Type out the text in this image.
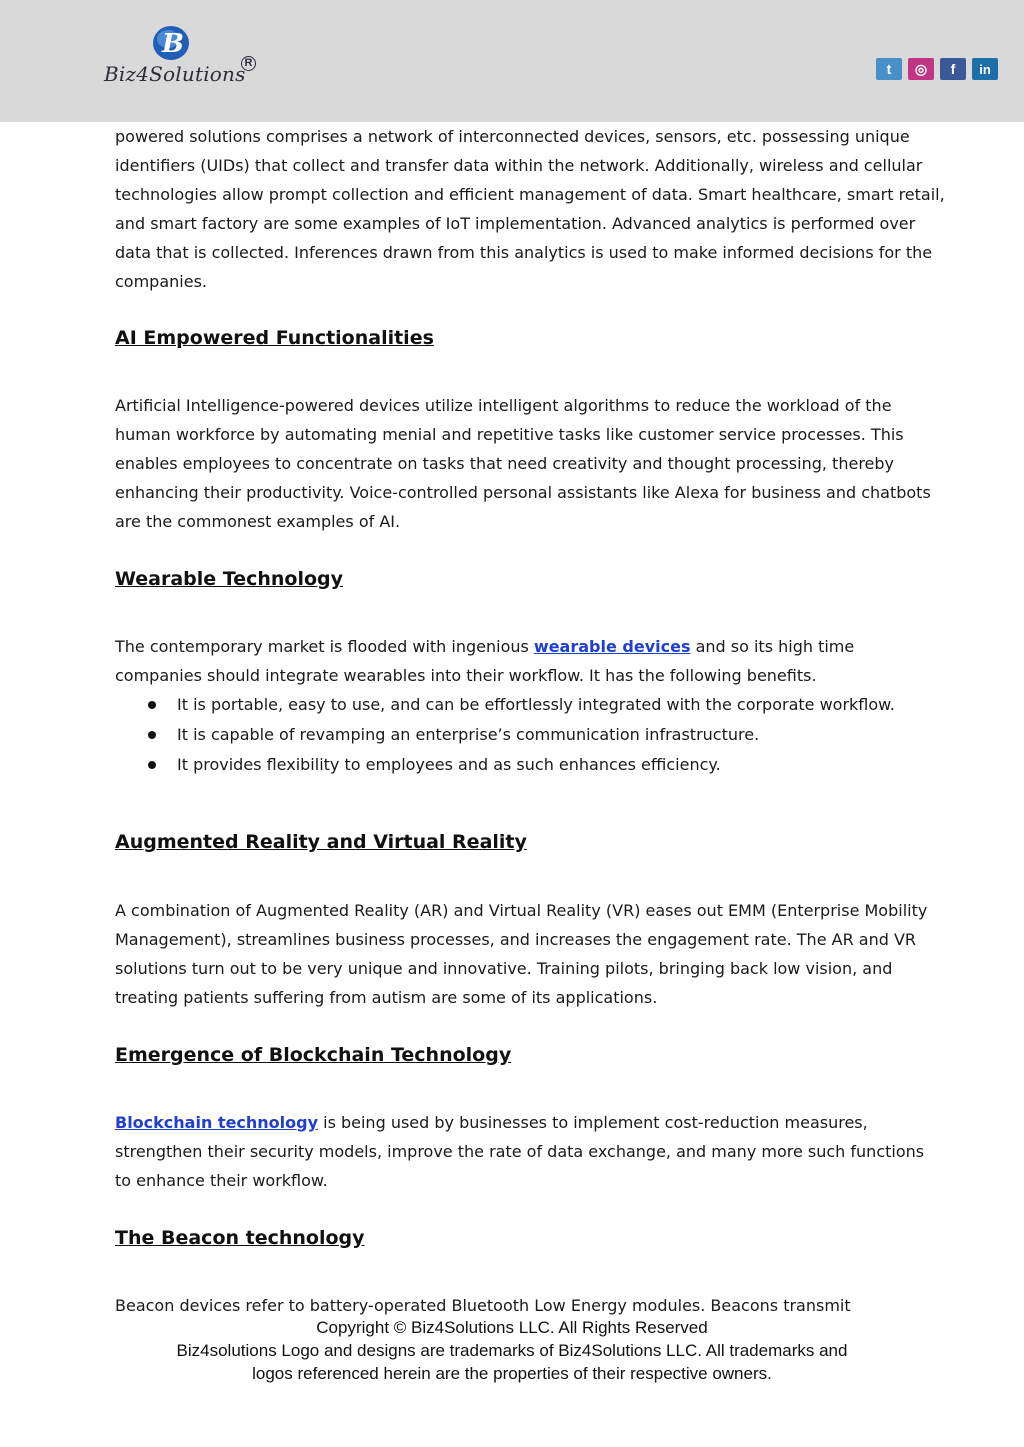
B
Biz4Solutions
R	t	◎	f	in

powered solutions comprises a network of interconnected devices, sensors, etc. possessing unique identifiers (UIDs) that collect and transfer data within the network. Additionally, wireless and cellular technologies allow prompt collection and efficient management of data. Smart healthcare, smart retail, and smart factory are some examples of IoT implementation. Advanced analytics is performed over data that is collected. Inferences drawn from this analytics is used to make informed decisions for the companies.

AI Empowered Functionalities

Artificial Intelligence-powered devices utilize intelligent algorithms to reduce the workload of the human workforce by automating menial and repetitive tasks like customer service processes. This enables employees to concentrate on tasks that need creativity and thought processing, thereby enhancing their productivity. Voice-controlled personal assistants like Alexa for business and chatbots are the commonest examples of AI.

Wearable Technology

The contemporary market is flooded with ingenious wearable devices and so its high time companies should integrate wearables into their workflow. It has the following benefits.

It is portable, easy to use, and can be effortlessly integrated with the corporate workflow.
It is capable of revamping an enterprise’s communication infrastructure.
It provides flexibility to employees and as such enhances efficiency.
Augmented Reality and Virtual Reality

A combination of Augmented Reality (AR) and Virtual Reality (VR) eases out EMM (Enterprise Mobility Management), streamlines business processes, and increases the engagement rate. The AR and VR solutions turn out to be very unique and innovative. Training pilots, bringing back low vision, and treating patients suffering from autism are some of its applications.

Emergence of Blockchain Technology

Blockchain technology is being used by businesses to implement cost-reduction measures, strengthen their security models, improve the rate of data exchange, and many more such functions to enhance their workflow.

The Beacon technology

Beacon devices refer to battery-operated Bluetooth Low Energy modules. Beacons transmit

Copyright © Biz4Solutions LLC. All Rights Reserved
Biz4solutions Logo and designs are trademarks of Biz4Solutions LLC. All trademarks and
logos referenced herein are the properties of their respective owners.
